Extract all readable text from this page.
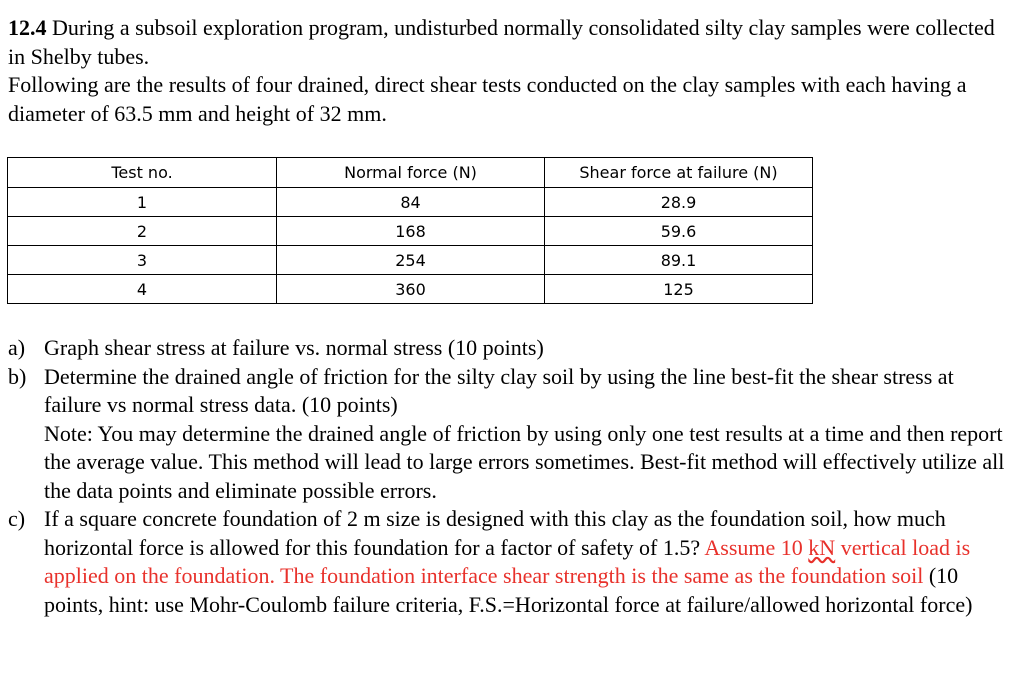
12.4 During a subsoil exploration program, undisturbed normally consolidated silty clay samples were collected in Shelby tubes.

Following are the results of four drained, direct shear tests conducted on the clay samples with each having a diameter of 63.5 mm and height of 32 mm.

Test no.	Normal force (N)	Shear force at failure (N)
1	84	28.9
2	168	59.6
3	254	89.1
4	360	125
a) Graph shear stress at failure vs. normal stress (10 points)
b) Determine the drained angle of friction for the silty clay soil by using the line best-fit the shear stress at failure vs normal stress data. (10 points)
Note: You may determine the drained angle of friction by using only one test results at a time and then report the average value. This method will lead to large errors sometimes. Best-fit method will effectively utilize all the data points and eliminate possible errors.
c) If a square concrete foundation of 2 m size is designed with this clay as the foundation soil, how much horizontal force is allowed for this foundation for a factor of safety of 1.5? Assume 10 kN vertical load is applied on the foundation. The foundation interface shear strength is the same as the foundation soil (10 points, hint: use Mohr-Coulomb failure criteria, F.S.=Horizontal force at failure/allowed horizontal force)
